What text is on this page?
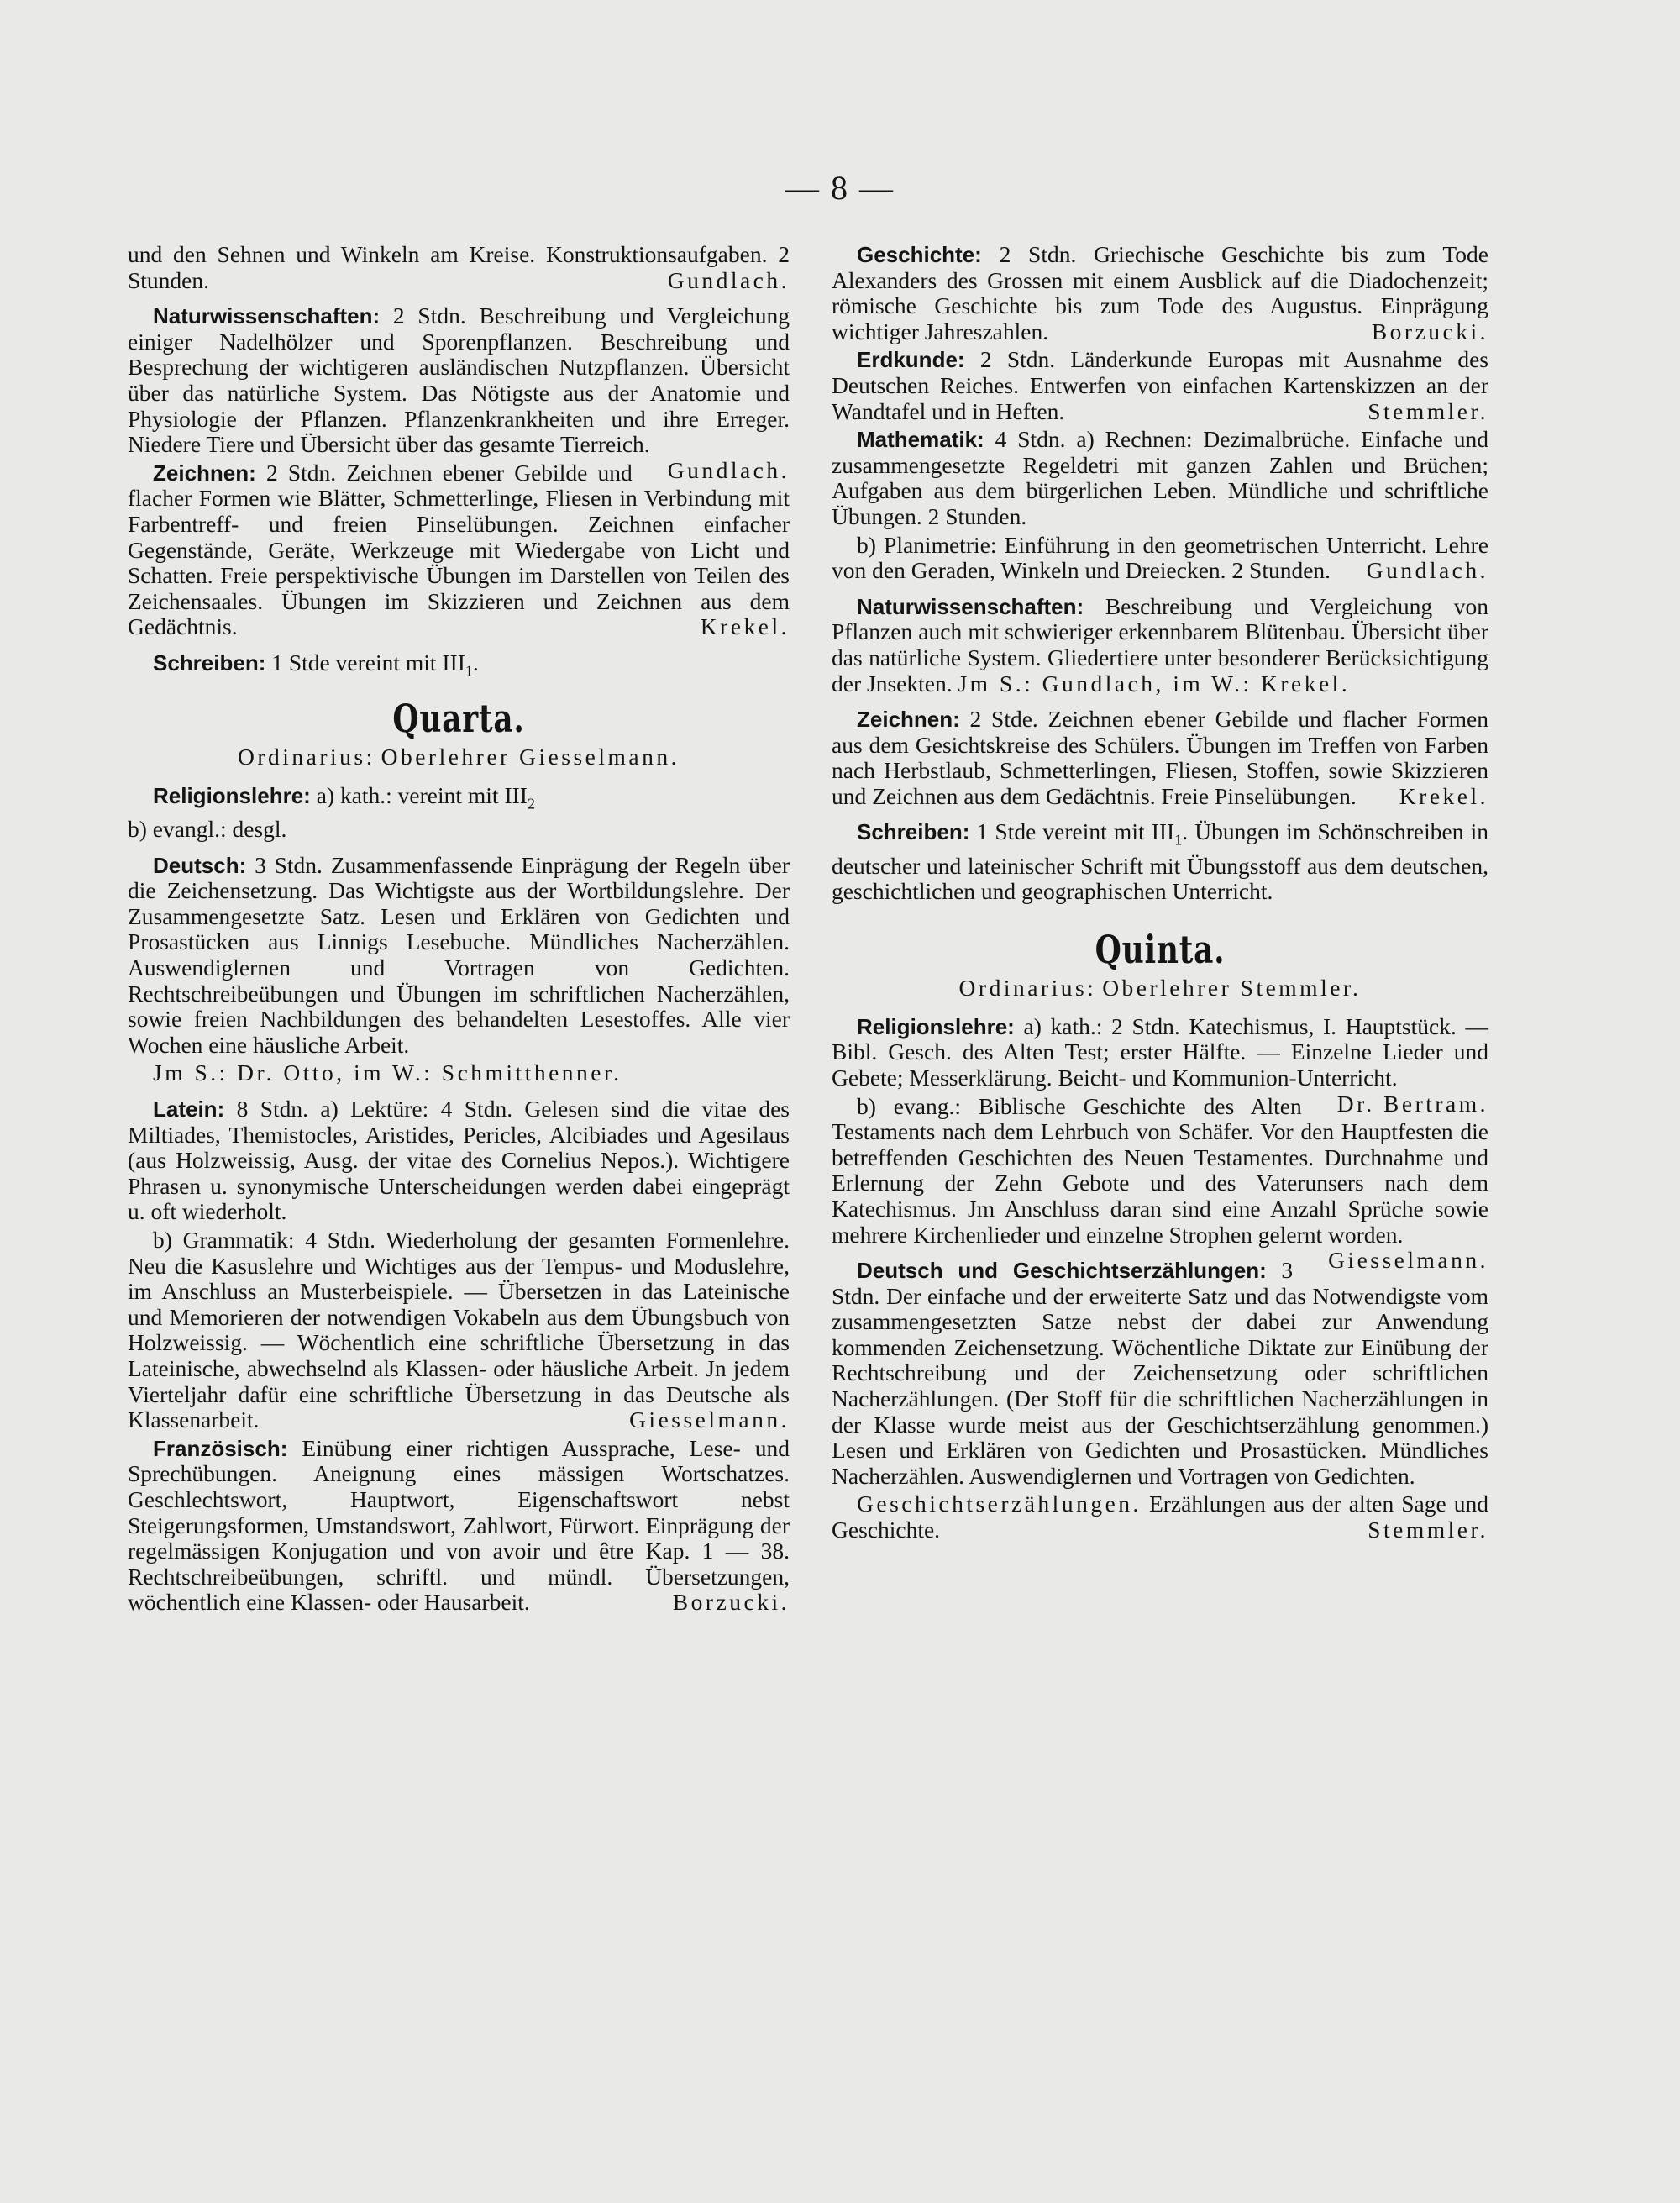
— 8 —

und den Sehnen und Winkeln am Kreise. Konstruktionsaufgaben. 2 Stunden.	Gundlach.

Naturwissenschaften: 2 Stdn. Beschreibung und Vergleichung einiger Nadelhölzer und Sporenpflanzen. Beschreibung und Besprechung der wichtigeren ausländischen Nutzpflanzen. Übersicht über das natürliche System. Das Nötigste aus der Anatomie und Physiologie der Pflanzen. Pflanzenkrankheiten und ihre Erreger. Niedere Tiere und Übersicht über das gesamte Tierreich.
Gundlach.

Zeichnen: 2 Stdn. Zeichnen ebener Gebilde und flacher Formen wie Blätter, Schmetterlinge, Fliesen in Verbindung mit Farbentreff- und freien Pinselübungen. Zeichnen einfacher Gegenstände, Geräte, Werkzeuge mit Wiedergabe von Licht und Schatten. Freie perspektivische Übungen im Darstellen von Teilen des Zeichensaales. Übungen im Skizzieren und Zeichnen aus dem Gedächtnis.	Krekel.

Schreiben: 1 Stde vereint mit $III_1$.

Quarta.

Ordinarius: Oberlehrer Giesselmann.

Religionslehre: a) kath.: vereint mit $III_2$
b) evangl.: desgl.

Deutsch: 3 Stdn. Zusammenfassende Einprägung der Regeln über die Zeichensetzung. Das Wichtigste aus der Wortbildungslehre. Der Zusammengesetzte Satz. Lesen und Erklären von Gedichten und Prosastücken aus Linnigs Lesebuche. Mündliches Nacherzählen. Auswendiglernen und Vortragen von Gedichten. Rechtschreibeübungen und Übungen im schriftlichen Nacherzählen, sowie freien Nachbildungen des behandelten Lesestoffes. Alle vier Wochen eine häusliche Arbeit.

Jm S.: Dr. Otto, im W.: Schmitthenner.

Latein: 8 Stdn. a) Lektüre: 4 Stdn. Gelesen sind die vitae des Miltiades, Themistocles, Aristides, Pericles, Alcibiades und Agesilaus (aus Holzweissig, Ausg. der vitae des Cornelius Nepos.). Wichtigere Phrasen u. synonymische Unterscheidungen werden dabei eingeprägt u. oft wiederholt.

b) Grammatik: 4 Stdn. Wiederholung der gesamten Formenlehre. Neu die Kasuslehre und Wichtiges aus der Tempus- und Moduslehre, im Anschluss an Musterbeispiele. — Übersetzen in das Lateinische und Memorieren der notwendigen Vokabeln aus dem Übungsbuch von Holzweissig. — Wöchentlich eine schriftliche Übersetzung in das Lateinische, abwechselnd als Klassen- oder häusliche Arbeit. Jn jedem Vierteljahr dafür eine schriftliche Übersetzung in das Deutsche als Klassenarbeit.	Giesselmann.

Französisch: Einübung einer richtigen Aussprache, Lese- und Sprechübungen. Aneignung eines mässigen Wortschatzes. Geschlechtswort, Hauptwort, Eigenschaftswort nebst Steigerungsformen, Umstandswort, Zahlwort, Fürwort. Einprägung der regelmässigen Konjugation und von avoir und être Kap. 1 — 38. Rechtschreibeübungen, schriftl. und mündl. Übersetzungen, wöchentlich eine Klassen- oder Hausarbeit.	Borzucki.

Geschichte: 2 Stdn. Griechische Geschichte bis zum Tode Alexanders des Grossen mit einem Ausblick auf die Diadochenzeit; römische Geschichte bis zum Tode des Augustus. Einprägung wichtiger Jahreszahlen.	Borzucki.

Erdkunde: 2 Stdn. Länderkunde Europas mit Ausnahme des Deutschen Reiches. Entwerfen von einfachen Kartenskizzen an der Wandtafel und in Heften.	Stemmler.

Mathematik: 4 Stdn. a) Rechnen: Dezimalbrüche. Einfache und zusammengesetzte Regeldetri mit ganzen Zahlen und Brüchen; Aufgaben aus dem bürgerlichen Leben. Mündliche und schriftliche Übungen. 2 Stunden.

b) Planimetrie: Einführung in den geometrischen Unterricht. Lehre von den Geraden, Winkeln und Dreiecken. 2 Stunden.	Gundlach.

Naturwissenschaften: Beschreibung und Vergleichung von Pflanzen auch mit schwieriger erkennbarem Blütenbau. Übersicht über das natürliche System. Gliedertiere unter besonderer Berücksichtigung der Jnsekten. Jm S.: Gundlach, im W.: Krekel.

Zeichnen: 2 Stde. Zeichnen ebener Gebilde und flacher Formen aus dem Gesichtskreise des Schülers. Übungen im Treffen von Farben nach Herbstlaub, Schmetterlingen, Fliesen, Stoffen, sowie Skizzieren und Zeichnen aus dem Gedächtnis. Freie Pinselübungen.	Krekel.

Schreiben: 1 Stde vereint mit $III_1$. Übungen im Schönschreiben in deutscher und lateinischer Schrift mit Übungsstoff aus dem deutschen, geschichtlichen und geographischen Unterricht.

Quinta.

Ordinarius: Oberlehrer Stemmler.

Religionslehre: a) kath.: 2 Stdn. Katechismus, I. Hauptstück. — Bibl. Gesch. des Alten Test; erster Hälfte. — Einzelne Lieder und Gebete; Messerklärung. Beicht- und Kommunion-Unterricht.
Dr. Bertram.

b) evang.: Biblische Geschichte des Alten Testaments nach dem Lehrbuch von Schäfer. Vor den Hauptfesten die betreffenden Geschichten des Neuen Testamentes. Durchnahme und Erlernung der Zehn Gebote und des Vaterunsers nach dem Katechismus. Jm Anschluss daran sind eine Anzahl Sprüche sowie mehrere Kirchenlieder und einzelne Strophen gelernt worden.
Giesselmann.

Deutsch und Geschichtserzählungen: 3 Stdn. Der einfache und der erweiterte Satz und das Notwendigste vom zusammengesetzten Satze nebst der dabei zur Anwendung kommenden Zeichensetzung. Wöchentliche Diktate zur Einübung der Rechtschreibung und der Zeichensetzung oder schriftlichen Nacherzählungen. (Der Stoff für die schriftlichen Nacherzählungen in der Klasse wurde meist aus der Geschichtserzählung genommen.) Lesen und Erklären von Gedichten und Prosastücken. Mündliches Nacherzählen. Auswendiglernen und Vortragen von Gedichten.

Geschichtserzählungen. Erzählungen aus der alten Sage und Geschichte.	Stemmler.
